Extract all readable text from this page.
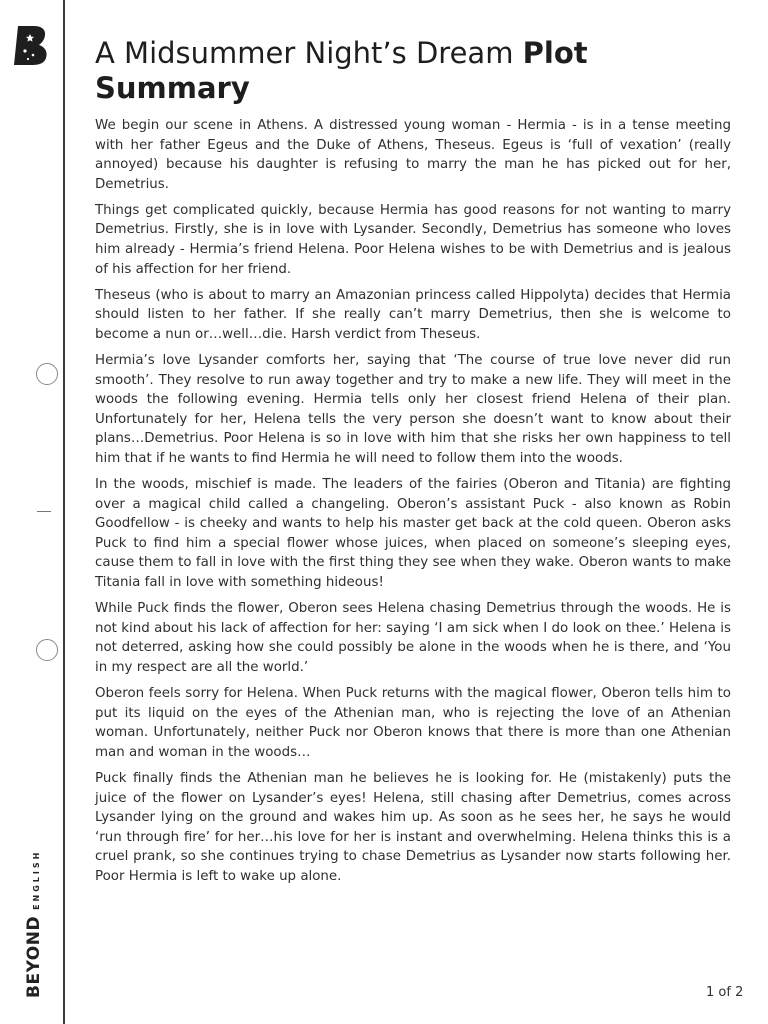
BEYOND
ENGLISH
A Midsummer Night’s Dream Plot
Summary

We begin our scene in Athens. A distressed young woman - Hermia - is in a tense meeting with her father Egeus and the Duke of Athens, Theseus. Egeus is ‘full of vexation’ (really annoyed) because his daughter is refusing to marry the man he has picked out for her, Demetrius.

Things get complicated quickly, because Hermia has good reasons for not wanting to marry Demetrius. Firstly, she is in love with Lysander. Secondly, Demetrius has someone who loves him already - Hermia’s friend Helena. Poor Helena wishes to be with Demetrius and is jealous of his affection for her friend.

Theseus (who is about to marry an Amazonian princess called Hippolyta) decides that Hermia should listen to her father. If she really can’t marry Demetrius, then she is welcome to become a nun or…well…die. Harsh verdict from Theseus.

Hermia’s love Lysander comforts her, saying that ‘The course of true love never did run smooth’. They resolve to run away together and try to make a new life. They will meet in the woods the following evening. Hermia tells only her closest friend Helena of their plan. Unfortunately for her, Helena tells the very person she doesn’t want to know about their plans…Demetrius. Poor Helena is so in love with him that she risks her own happiness to tell him that if he wants to find Hermia he will need to follow them into the woods.

In the woods, mischief is made. The leaders of the fairies (Oberon and Titania) are fighting over a magical child called a changeling. Oberon’s assistant Puck - also known as Robin Goodfellow - is cheeky and wants to help his master get back at the cold queen. Oberon asks Puck to find him a special flower whose juices, when placed on someone’s sleeping eyes, cause them to fall in love with the first thing they see when they wake. Oberon wants to make Titania fall in love with something hideous!

While Puck finds the flower, Oberon sees Helena chasing Demetrius through the woods. He is not kind about his lack of affection for her: saying ‘I am sick when I do look on thee.’ Helena is not deterred, asking how she could possibly be alone in the woods when he is there, and ‘You in my respect are all the world.’

Oberon feels sorry for Helena. When Puck returns with the magical flower, Oberon tells him to put its liquid on the eyes of the Athenian man, who is rejecting the love of an Athenian woman. Unfortunately, neither Puck nor Oberon knows that there is more than one Athenian man and woman in the woods…

Puck finally finds the Athenian man he believes he is looking for. He (mistakenly) puts the juice of the flower on Lysander’s eyes! Helena, still chasing after Demetrius, comes across Lysander lying on the ground and wakes him up. As soon as he sees her, he says he would ‘run through fire’ for her…his love for her is instant and overwhelming. Helena thinks this is a cruel prank, so she continues trying to chase Demetrius as Lysander now starts following her. Poor Hermia is left to wake up alone.

1 of 2
